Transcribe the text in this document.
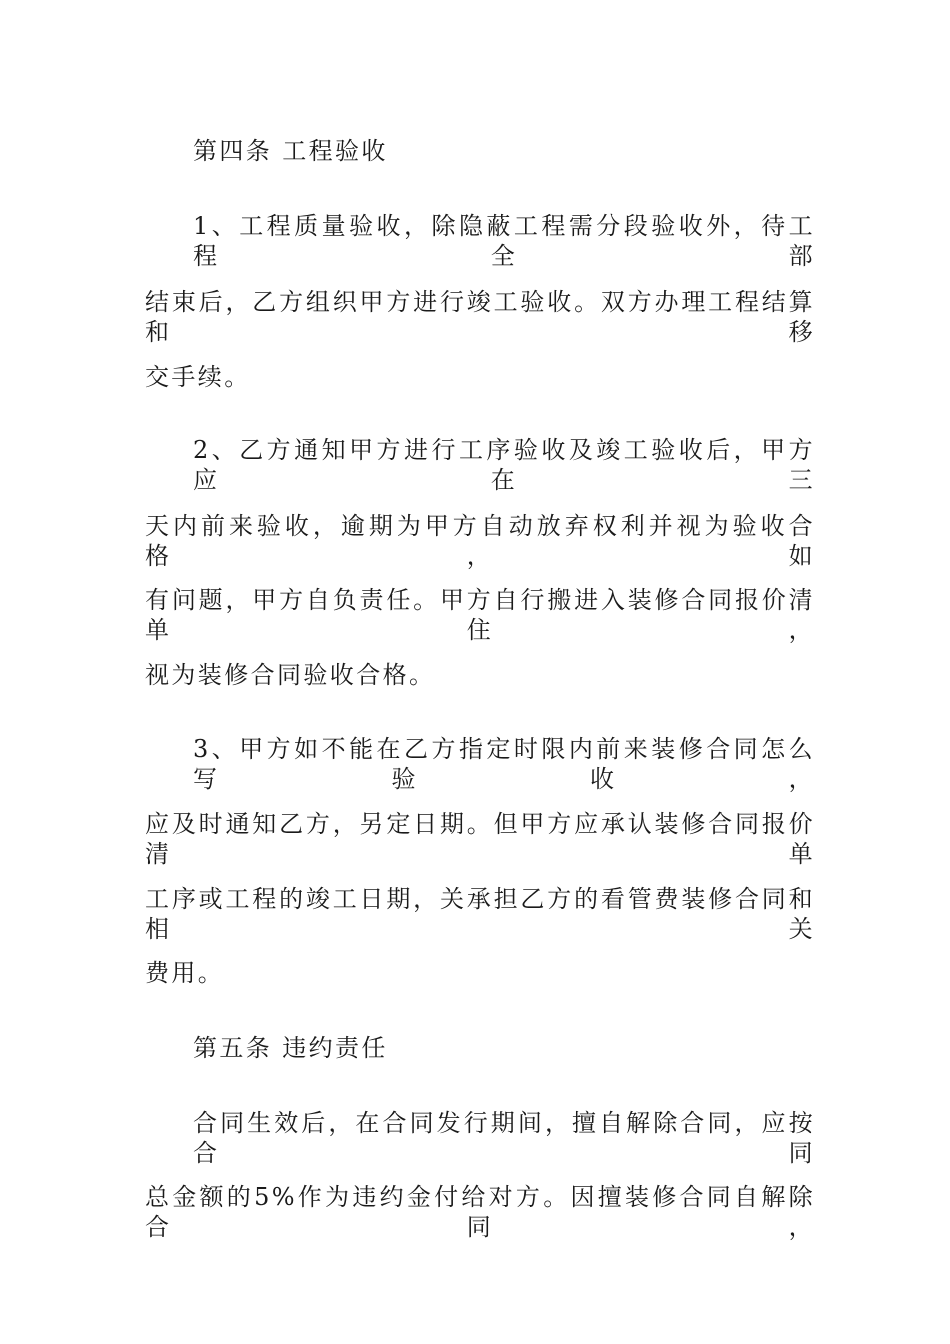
第四条 工程验收
1、工程质量验收，除隐蔽工程需分段验收外，待工程全部
结束后，乙方组织甲方进行竣工验收。双方办理工程结算和移
交手续。
2、乙方通知甲方进行工序验收及竣工验收后，甲方应在三
天内前来验收，逾期为甲方自动放弃权利并视为验收合格，如
有问题，甲方自负责任。甲方自行搬进入装修合同报价清单住，
视为装修合同验收合格。
3、甲方如不能在乙方指定时限内前来装修合同怎么写验收，
应及时通知乙方，另定日期。但甲方应承认装修合同报价清单
工序或工程的竣工日期，关承担乙方的看管费装修合同和相关
费用。
第五条 违约责任
合同生效后，在合同发行期间，擅自解除合同，应按合同
总金额的5%作为违约金付给对方。因擅装修合同自解除合同，
